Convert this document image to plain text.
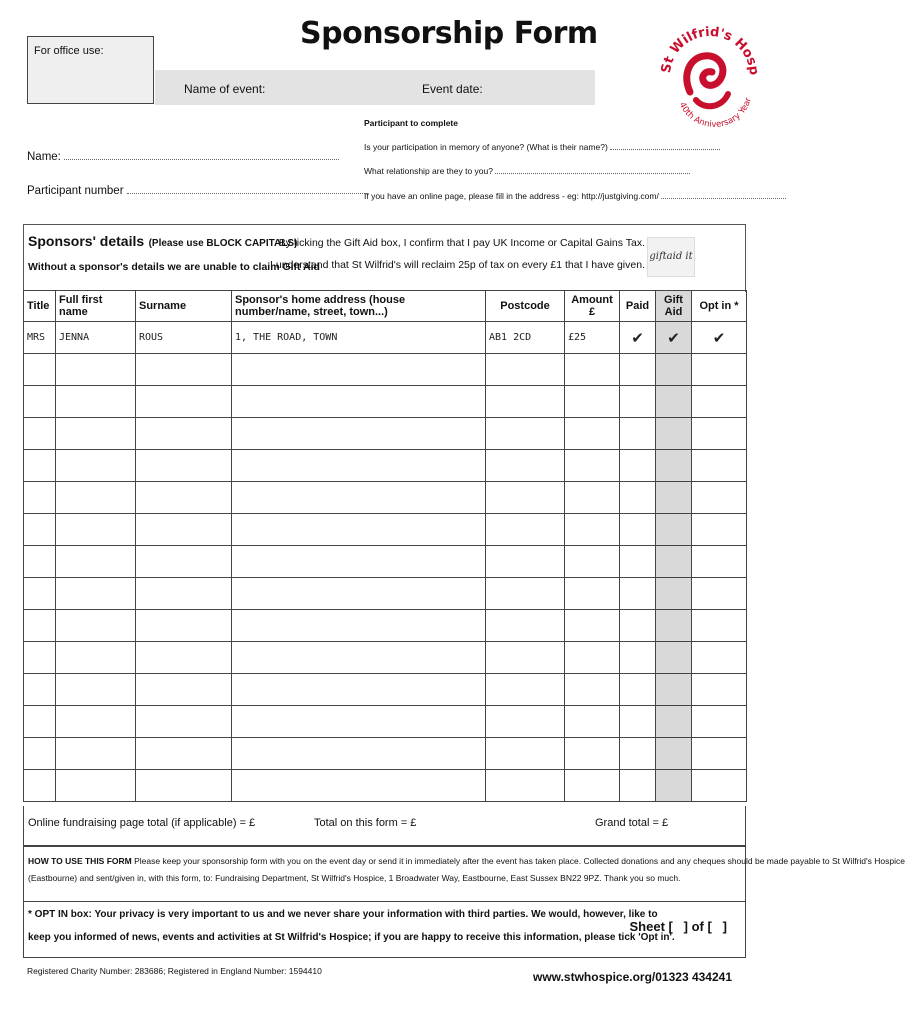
For office use:	Sponsorship Form
Name of event:	Event date:
St Wilfrid's Hosp
40th Anniversary Year
Participant to complete
Is your participation in memory of anyone? (What is their name?)
Name:
What relationship are they to you?
Participant number	If you have an online page, please fill in the address - eg: http://justgiving.com/
Sponsors' details (Please use BLOCK CAPITALS)
Without a sponsor's details we are unable to claim Gift Aid
By ticking the Gift Aid box, I confirm that I pay UK Income or Capital Gains Tax.
I understand that St Wilfrid's will reclaim 25p of tax on every £1 that I have given.
giftaid it
Title	Full first name	Surname	Sponsor's home address (house number/name, street, town...)	Postcode	Amount £	Paid	Gift Aid	Opt in *
MRS	JENNA	ROUS	1, THE ROAD, TOWN	AB1 2CD	£25	✔	✔	✔

Online fundraising page total (if applicable) = £	Total on this form = £	Grand total = £
HOW TO USE THIS FORM Please keep your sponsorship form with you on the event day or send it in immediately after the event has taken place. Collected donations and any cheques should be made payable to St Wilfrid's Hospice
(Eastbourne) and sent/given in, with this form, to: Fundraising Department, St Wilfrid's Hospice, 1 Broadwater Way, Eastbourne, East Sussex BN22 9PZ. Thank you so much.
* OPT IN box: Your privacy is very important to us and we never share your information with third parties. We would, however, like to
keep you informed of news, events and activities at St Wilfrid's Hospice; if you are happy to receive this information, please tick 'Opt in'.
Sheet [   ] of [   ]
Registered Charity Number: 283686; Registered in England Number: 1594410	www.stwhospice.org/01323 434241
